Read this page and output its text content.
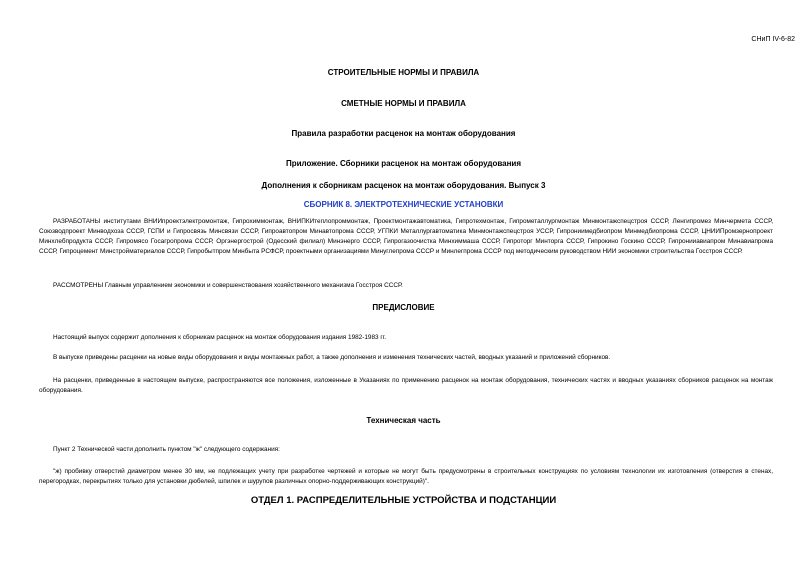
СНиП IV-6-82
СТРОИТЕЛЬНЫЕ НОРМЫ И ПРАВИЛА
СМЕТНЫЕ НОРМЫ И ПРАВИЛА
Правила разработки расценок на монтаж оборудования
Приложение. Сборники расценок на монтаж оборудования
Дополнения к сборникам расценок на монтаж оборудования. Выпуск 3
СБОРНИК 8. ЭЛЕКТРОТЕХНИЧЕСКИЕ УСТАНОВКИ
РАЗРАБОТАНЫ институтами ВНИИпроектэлектромонтаж, Гипрохиммонтаж, ВНИПКИтеплопроммонтаж, Проектмонтажавтоматика, Гипротехмонтаж, Гипрометаллургмонтаж Минмонтажспецстроя СССР, Ленгипромез Минчермета СССР, Союзводпроект Минводхоза СССР, ГСПИ и Гипросвязь Минсвязи СССР, Гипроавтопром Минавтопрома СССР, УГПКИ Металлургавтоматика Минмонтажспецстроя УССР, Гипрониимедбиопром Минмедбиопрома СССР, ЦНИИПромзернопроект Минхлебпродукта СССР, Гипромясо Госагропрома СССР, Оргэнергострой (Одесский филиал) Минэнерго СССР, Гипрогазоочистка Минхиммаша СССР, Гипроторг Минторга СССР, Гипрокино Госкино СССР, Гипронииавиапром Минавиапрома СССР, Гипроцемент Минстройматериалов СССР, Гипробытпром Минбыта РСФСР, проектными организациями Минуглепрома СССР и Минлегпрома СССР под методическим руководством НИИ экономики строительства Госстроя СССР.
РАССМОТРЕНЫ Главным управлением экономики и совершенствования хозяйственного механизма Госстроя СССР.
ПРЕДИСЛОВИЕ
Настоящий выпуск содержит дополнения к сборникам расценок на монтаж оборудования издания 1982-1983 гг.
В выпуске приведены расценки на новые виды оборудования и виды монтажных работ, а также дополнения и изменения технических частей, вводных указаний и приложений сборников.
На расценки, приведенные в настоящем выпуске, распространяются все положения, изложенные в Указаниях по применению расценок на монтаж оборудования, технических частях и вводных указаниях сборников расценок на монтаж оборудования.
Техническая часть
Пункт 2 Технической части дополнить пунктом "ж" следующего содержания:
"ж) пробивку отверстий диаметром менее 30 мм, не подлежащих учету при разработке чертежей и которые не могут быть предусмотрены в строительных конструкциях по условиям технологии их изготовления (отверстия в стенах, перегородках, перекрытиях только для установки дюбелей, шпилек и шурупов различных опорно-поддерживающих конструкций)".
ОТДЕЛ 1. РАСПРЕДЕЛИТЕЛЬНЫЕ УСТРОЙСТВА И ПОДСТАНЦИИ
